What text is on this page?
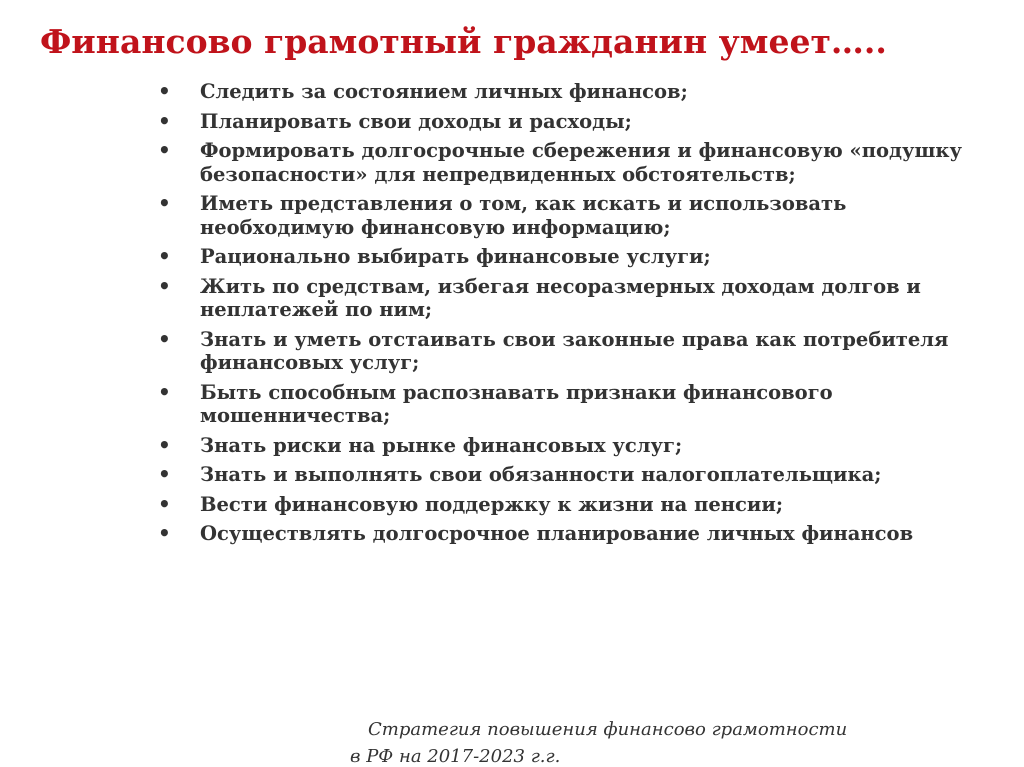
Финансово грамотный гражданин умеет…..
•	Следить за состоянием личных финансов;
•	Планировать свои доходы и расходы;
•	Формировать долгосрочные сбережения и финансовую «подушку безопасности» для непредвиденных обстоятельств;
•	Иметь представления о том, как искать и использовать необходимую финансовую информацию;
•	Рационально выбирать финансовые услуги;
•	Жить по средствам, избегая несоразмерных доходам долгов и неплатежей по ним;
•	Знать и уметь отстаивать свои законные права как потребителя финансовых услуг;
•	Быть способным распознавать признаки финансового мошенничества;
•	Знать риски на рынке финансовых услуг;
•	Знать и выполнять свои обязанности налогоплательщика;
•	Вести финансовую поддержку к жизни на пенсии;
•	Осуществлять долгосрочное планирование личных финансов

Стратегия повышения финансово грамотности
в РФ на 2017-2023 г.г.
